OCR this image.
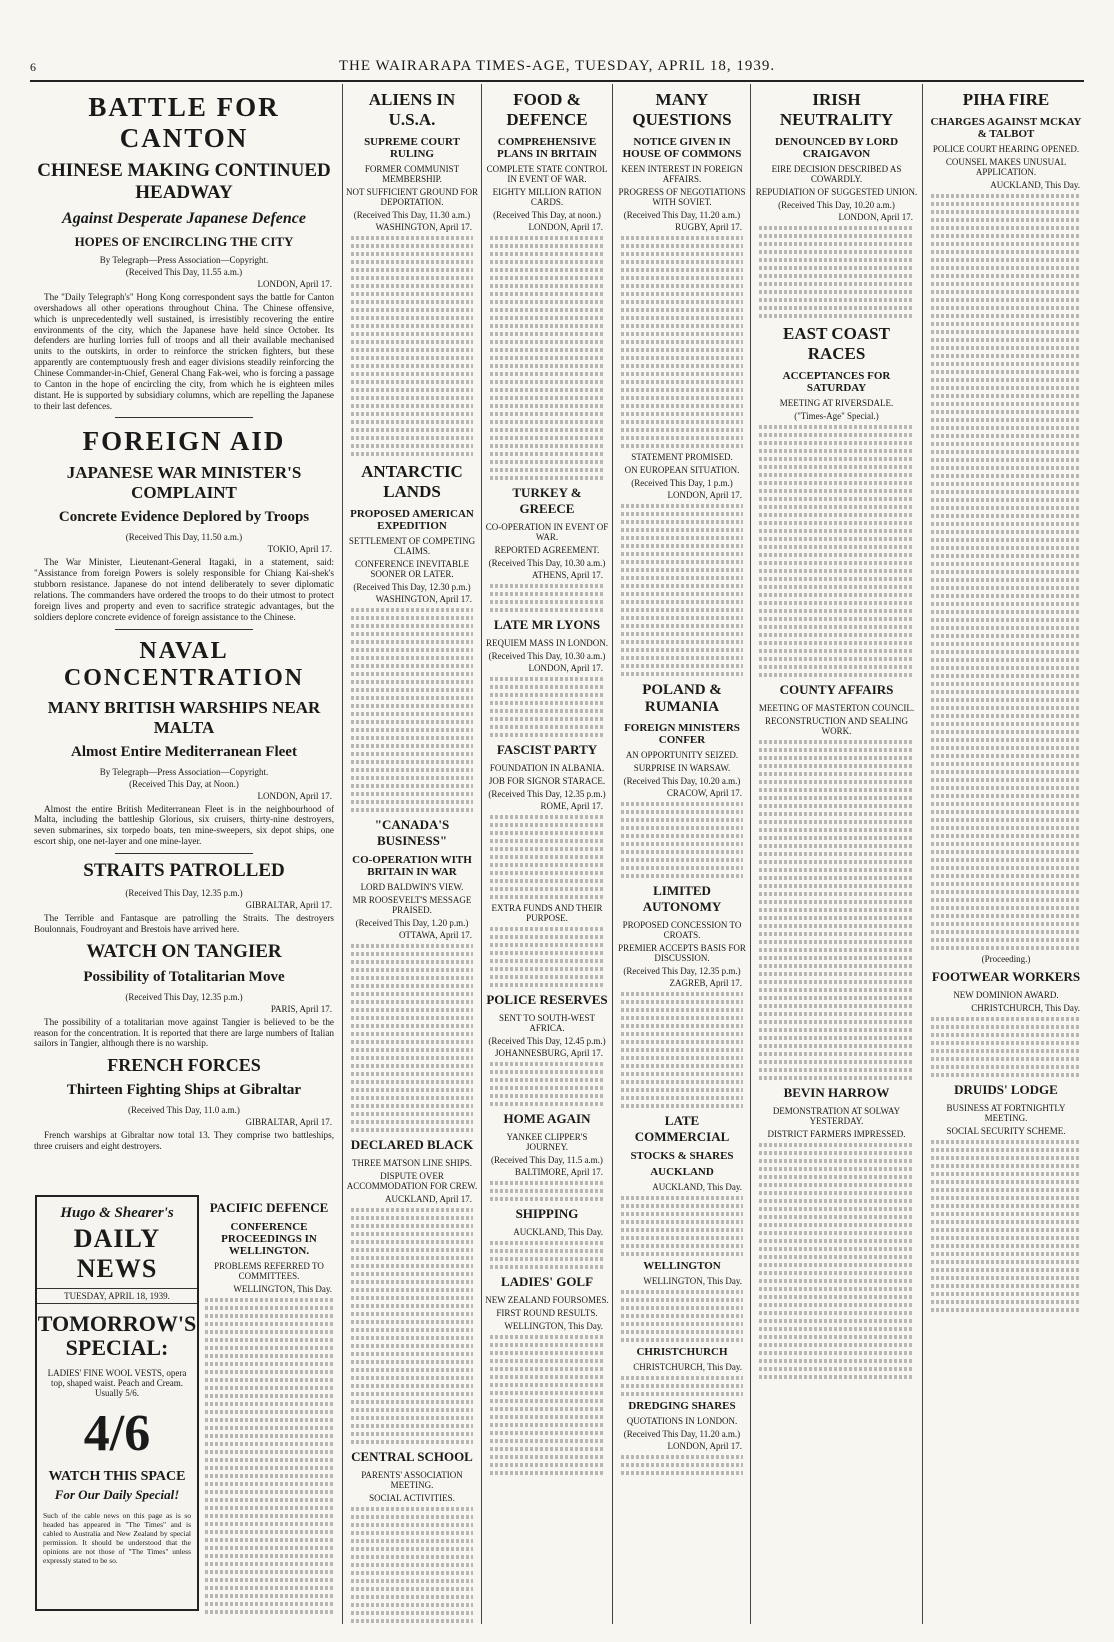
6	THE WAIRARAPA TIMES-AGE, TUESDAY, APRIL 18, 1939.
BATTLE FOR CANTON
CHINESE MAKING CONTINUED HEADWAY
Against Desperate Japanese Defence
HOPES OF ENCIRCLING THE CITY
By Telegraph—Press Association—Copyright.
(Received This Day, 11.55 a.m.)
LONDON, April 17.

The "Daily Telegraph's" Hong Kong correspondent says the battle for Canton overshadows all other operations throughout China. The Chinese offensive, which is unprecedentedly well sustained, is irresistibly recovering the entire environments of the city, which the Japanese have held since October. Its defenders are hurling lorries full of troops and all their available mechanised units to the outskirts, in order to reinforce the stricken fighters, but these apparently are contemptuously fresh and eager divisions steadily reinforcing the Chinese Commander-in-Chief, General Chang Fak-wei, who is forcing a passage to Canton in the hope of encircling the city, from which he is eighteen miles distant. He is supported by subsidiary columns, which are repelling the Japanese to their last defences.

FOREIGN AID
JAPANESE WAR MINISTER'S COMPLAINT
Concrete Evidence Deplored by Troops
(Received This Day, 11.50 a.m.)
TOKIO, April 17.

The War Minister, Lieutenant-General Itagaki, in a statement, said: "Assistance from foreign Powers is solely responsible for Chiang Kai-shek's stubborn resistance. Japanese do not intend deliberately to sever diplomatic relations. The commanders have ordered the troops to do their utmost to protect foreign lives and property and even to sacrifice strategic advantages, but the soldiers deplore concrete evidence of foreign assistance to the Chinese.

NAVAL CONCENTRATION
MANY BRITISH WARSHIPS NEAR MALTA
Almost Entire Mediterranean Fleet
By Telegraph—Press Association—Copyright.
(Received This Day, at Noon.)
LONDON, April 17.

Almost the entire British Mediterranean Fleet is in the neighbourhood of Malta, including the battleship Glorious, six cruisers, thirty-nine destroyers, seven submarines, six torpedo boats, ten mine-sweepers, six depot ships, one escort ship, one net-layer and one mine-layer.

STRAITS PATROLLED
(Received This Day, 12.35 p.m.)
GIBRALTAR, April 17.

The Terrible and Fantasque are patrolling the Straits. The destroyers Boulonnais, Foudroyant and Brestois have arrived here.

WATCH ON TANGIER
Possibility of Totalitarian Move
(Received This Day, 12.35 p.m.)
PARIS, April 17.

The possibility of a totalitarian move against Tangier is believed to be the reason for the concentration. It is reported that there are large numbers of Italian sailors in Tangier, although there is no warship.

FRENCH FORCES
Thirteen Fighting Ships at Gibraltar
(Received This Day, 11.0 a.m.)
GIBRALTAR, April 17.

French warships at Gibraltar now total 13. They comprise two battleships, three cruisers and eight destroyers.

Hugo & Shearer's
DAILY NEWS
TUESDAY, APRIL 18, 1939.
TOMORROW'S SPECIAL:
LADIES' FINE WOOL VESTS, opera top, shaped waist. Peach and Cream. Usually 5/6.
4/6
WATCH THIS SPACE
For Our Daily Special!
Such of the cable news on this page as is so headed has appeared in "The Times" and is cabled to Australia and New Zealand by special permission. It should be understood that the opinions are not those of "The Times" unless expressly stated to be so.
PACIFIC DEFENCE
CONFERENCE PROCEEDINGS IN WELLINGTON.
PROBLEMS REFERRED TO COMMITTEES.
WELLINGTON, This Day.
ALIENS IN U.S.A.
SUPREME COURT RULING
FORMER COMMUNIST MEMBERSHIP.
NOT SUFFICIENT GROUND FOR DEPORTATION.
(Received This Day, 11.30 a.m.)
WASHINGTON, April 17.
ANTARCTIC LANDS
PROPOSED AMERICAN EXPEDITION
SETTLEMENT OF COMPETING CLAIMS.
CONFERENCE INEVITABLE SOONER OR LATER.
(Received This Day, 12.30 p.m.)
WASHINGTON, April 17.
"CANADA'S BUSINESS"
CO-OPERATION WITH BRITAIN IN WAR
LORD BALDWIN'S VIEW.
MR ROOSEVELT'S MESSAGE PRAISED.
(Received This Day, 1.20 p.m.)
OTTAWA, April 17.
DECLARED BLACK
THREE MATSON LINE SHIPS.
DISPUTE OVER ACCOMMODATION FOR CREW.
AUCKLAND, April 17.
CENTRAL SCHOOL
PARENTS' ASSOCIATION MEETING.
SOCIAL ACTIVITIES.
FOOD & DEFENCE
COMPREHENSIVE PLANS IN BRITAIN
COMPLETE STATE CONTROL IN EVENT OF WAR.
EIGHTY MILLION RATION CARDS.
(Received This Day, at noon.)
LONDON, April 17.
TURKEY & GREECE
CO-OPERATION IN EVENT OF WAR.
REPORTED AGREEMENT.
(Received This Day, 10.30 a.m.)
ATHENS, April 17.
LATE MR LYONS
REQUIEM MASS IN LONDON.
(Received This Day, 10.30 a.m.)
LONDON, April 17.
FASCIST PARTY
FOUNDATION IN ALBANIA.
JOB FOR SIGNOR STARACE.
(Received This Day, 12.35 p.m.)
ROME, April 17.
EXTRA FUNDS AND THEIR PURPOSE.
POLICE RESERVES
SENT TO SOUTH-WEST AFRICA.
(Received This Day, 12.45 p.m.)
JOHANNESBURG, April 17.
HOME AGAIN
YANKEE CLIPPER'S JOURNEY.
(Received This Day, 11.5 a.m.)
BALTIMORE, April 17.
SHIPPING
AUCKLAND, This Day.
LADIES' GOLF
NEW ZEALAND FOURSOMES.
FIRST ROUND RESULTS.
WELLINGTON, This Day.
MANY QUESTIONS
NOTICE GIVEN IN HOUSE OF COMMONS
KEEN INTEREST IN FOREIGN AFFAIRS.
PROGRESS OF NEGOTIATIONS WITH SOVIET.
(Received This Day, 11.20 a.m.)
RUGBY, April 17.
STATEMENT PROMISED.
ON EUROPEAN SITUATION.
(Received This Day, 1 p.m.)
LONDON, April 17.
POLAND & RUMANIA
FOREIGN MINISTERS CONFER
AN OPPORTUNITY SEIZED.
SURPRISE IN WARSAW.
(Received This Day, 10.20 a.m.)
CRACOW, April 17.
LIMITED AUTONOMY
PROPOSED CONCESSION TO CROATS.
PREMIER ACCEPTS BASIS FOR DISCUSSION.
(Received This Day, 12.35 p.m.)
ZAGREB, April 17.
LATE COMMERCIAL
STOCKS & SHARES
AUCKLAND
AUCKLAND, This Day.
WELLINGTON
WELLINGTON, This Day.
CHRISTCHURCH
CHRISTCHURCH, This Day.
DREDGING SHARES
QUOTATIONS IN LONDON.
(Received This Day, 11.20 a.m.)
LONDON, April 17.
IRISH NEUTRALITY
DENOUNCED BY LORD CRAIGAVON
EIRE DECISION DESCRIBED AS COWARDLY.
REPUDIATION OF SUGGESTED UNION.
(Received This Day, 10.20 a.m.)
LONDON, April 17.
EAST COAST RACES
ACCEPTANCES FOR SATURDAY
MEETING AT RIVERSDALE.
("Times-Age" Special.)
COUNTY AFFAIRS
MEETING OF MASTERTON COUNCIL.
RECONSTRUCTION AND SEALING WORK.
BEVIN HARROW
DEMONSTRATION AT SOLWAY YESTERDAY.
DISTRICT FARMERS IMPRESSED.
PIHA FIRE
CHARGES AGAINST MCKAY & TALBOT
POLICE COURT HEARING OPENED.
COUNSEL MAKES UNUSUAL APPLICATION.
AUCKLAND, This Day.
(Proceeding.)
FOOTWEAR WORKERS
NEW DOMINION AWARD.
CHRISTCHURCH, This Day.
DRUIDS' LODGE
BUSINESS AT FORTNIGHTLY MEETING.
SOCIAL SECURITY SCHEME.
